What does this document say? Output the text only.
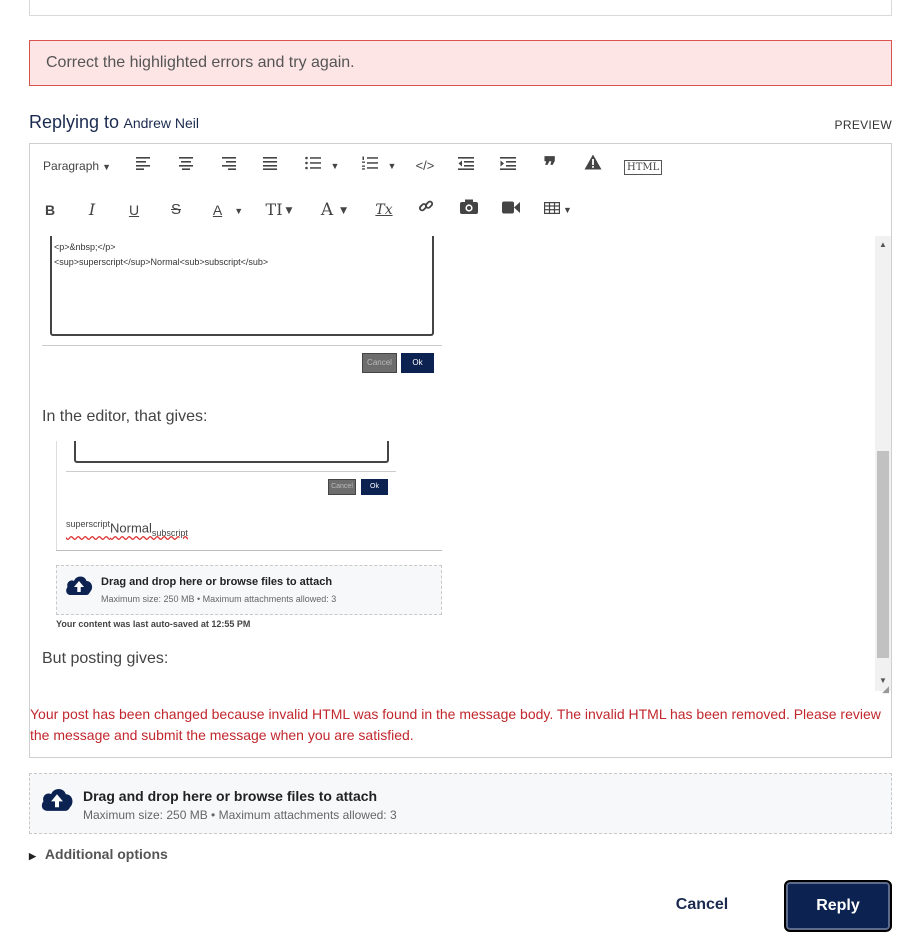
Correct the highlighted errors and try again.
Replying to Andrew Neil	PREVIEW
Paragraph ▼	▼	▼ </>	❞	HTML
B	I	U S	A ▼	TI ▼ A ▼	Tx	▼
<p>&nbsp;</p>
<sup>superscript</sup>Normal<sub>subscript</sub>
Cancel	Ok
In the editor, that gives:
Cancel	Ok
$^{superscript}$Normal$_{subscript}$
Drag and drop here or browse files to attach
Maximum size: 250 MB • Maximum attachments allowed: 3
Your content was last auto-saved at 12:55 PM
But posting gives:
▲
▼
◢
Your post has been changed because invalid HTML was found in the message body. The invalid HTML has been removed. Please review the message and submit the message when you are satisfied.
Drag and drop here or browse files to attach
Maximum size: 250 MB • Maximum attachments allowed: 3
▶ Additional options
Cancel	Reply
